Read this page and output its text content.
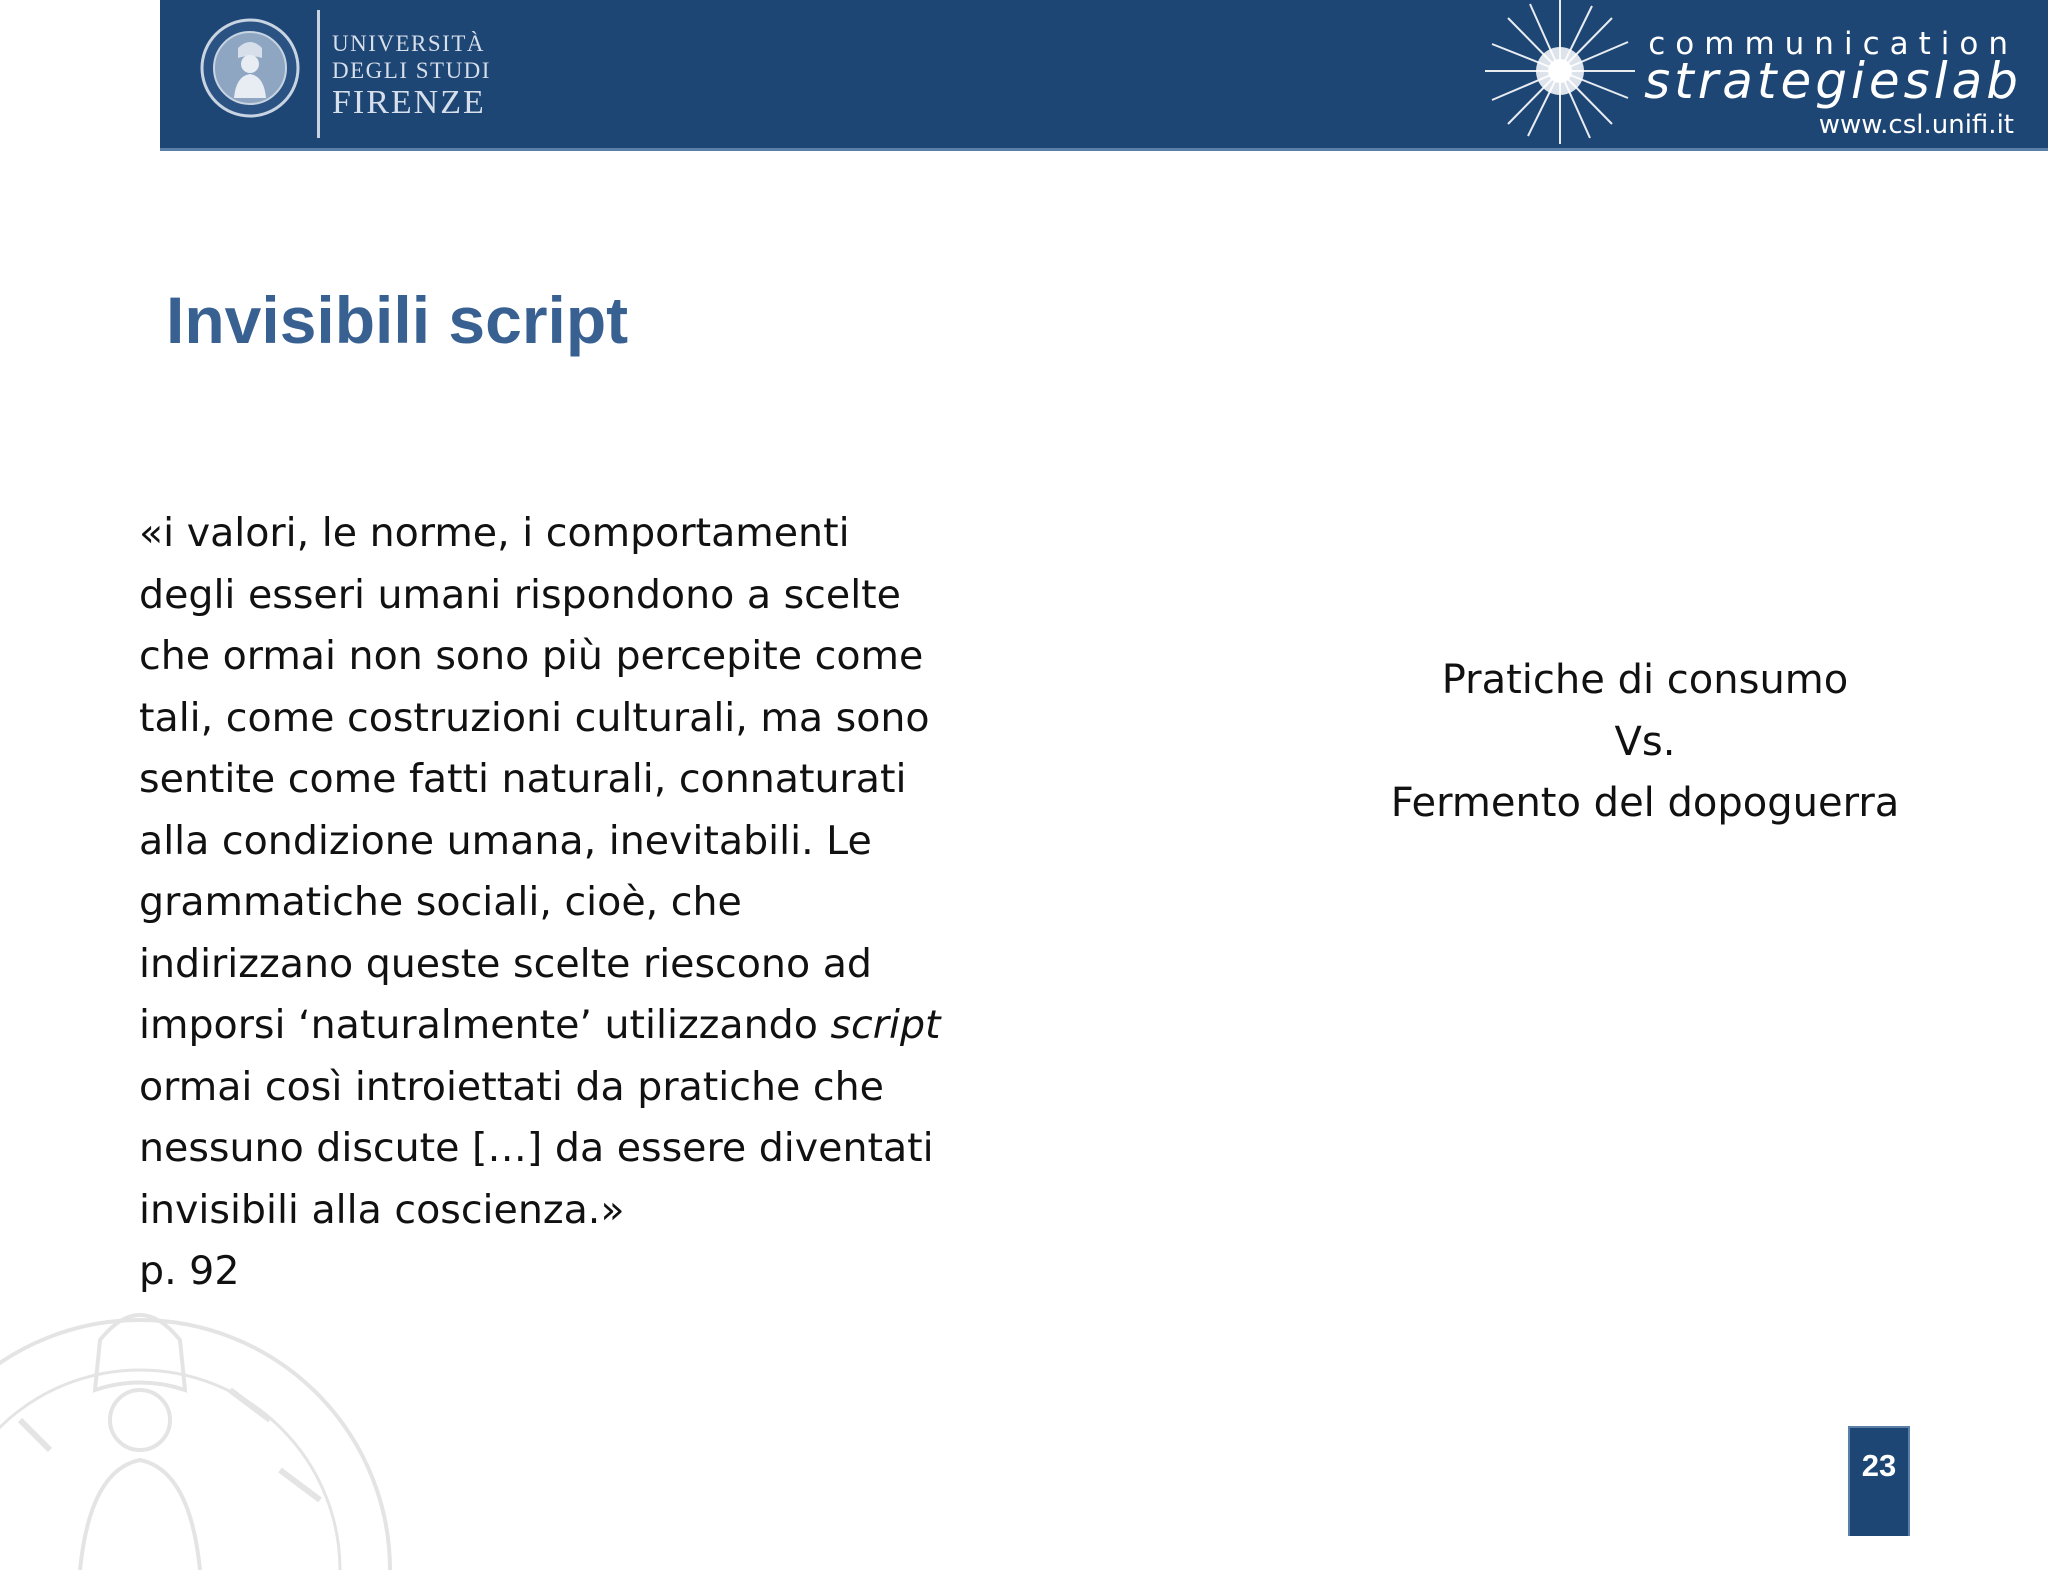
UNIVERSITÀ
DEGLI STUDI
FIRENZE
communication
strategieslab
www.csl.unifi.it
Invisibili script
«i valori, le norme, i comportamenti
degli esseri umani rispondono a scelte
che ormai non sono più percepite come
tali, come costruzioni culturali, ma sono
sentite come fatti naturali, connaturati
alla condizione umana, inevitabili. Le
grammatiche sociali, cioè, che
indirizzano queste scelte riescono ad
imporsi ‘naturalmente’ utilizzando script
ormai così introiettati da pratiche che
nessuno discute […] da essere diventati
invisibili alla coscienza.»
p. 92
Pratiche di consumo
Vs.
Fermento del dopoguerra
23
